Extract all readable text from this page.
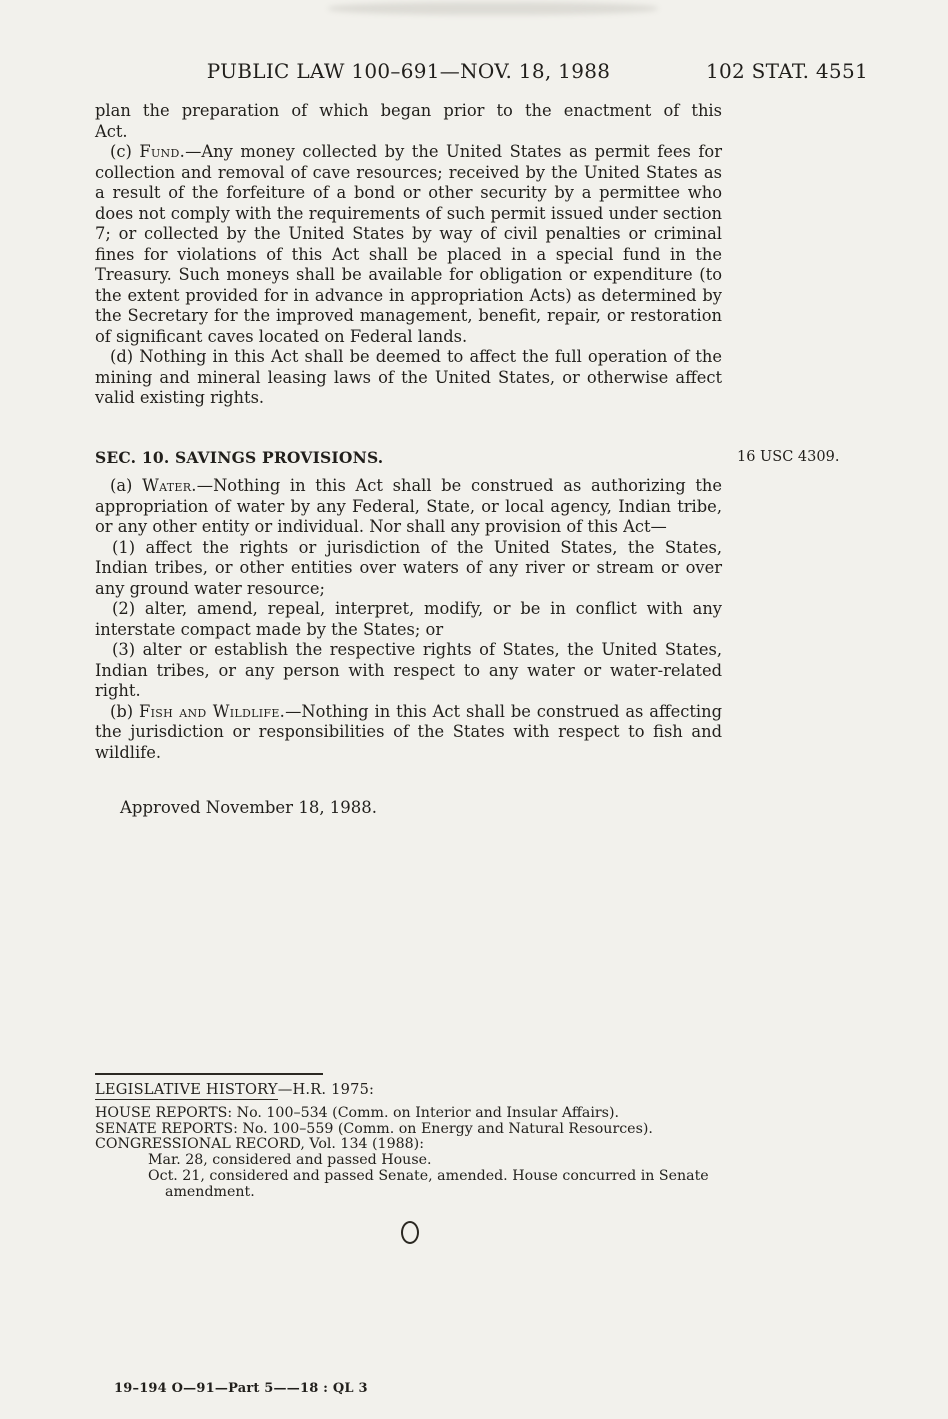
PUBLIC LAW 100–691—NOV. 18, 1988	102 STAT. 4551

plan the preparation of which began prior to the enactment of this
Act.

(c) Fund.—Any money collected by the United States as permit fees for collection and removal of cave resources; received by the United States as a result of the forfeiture of a bond or other security by a permittee who does not comply with the requirements of such permit issued under section 7; or collected by the United States by way of civil penalties or criminal fines for violations of this Act shall be placed in a special fund in the Treasury. Such moneys shall be available for obligation or expenditure (to the extent provided for in advance in appropriation Acts) as determined by the Secretary for the improved management, benefit, repair, or restoration of significant caves located on Federal lands.

(d) Nothing in this Act shall be deemed to affect the full operation of the mining and mineral leasing laws of the United States, or otherwise affect valid existing rights.

SEC. 10. SAVINGS PROVISIONS.	16 USC 4309.

(a) Water.—Nothing in this Act shall be construed as authorizing the appropriation of water by any Federal, State, or local agency, Indian tribe, or any other entity or individual. Nor shall any provision of this Act—

(1) affect the rights or jurisdiction of the United States, the States, Indian tribes, or other entities over waters of any river or stream or over any ground water resource;

(2) alter, amend, repeal, interpret, modify, or be in conflict with any interstate compact made by the States; or

(3) alter or establish the respective rights of States, the United States, Indian tribes, or any person with respect to any water or water-related right.

(b) Fish and Wildlife.—Nothing in this Act shall be construed as affecting the jurisdiction or responsibilities of the States with respect to fish and wildlife.

Approved November 18, 1988.
LEGISLATIVE HISTORY—H.R. 1975:

HOUSE REPORTS: No. 100–534 (Comm. on Interior and Insular Affairs).

SENATE REPORTS: No. 100–559 (Comm. on Energy and Natural Resources).

CONGRESSIONAL RECORD, Vol. 134 (1988):

Mar. 28, considered and passed House.

Oct. 21, considered and passed Senate, amended. House concurred in Senate amendment.

19–194 O—91—Part 5——18 : QL 3
